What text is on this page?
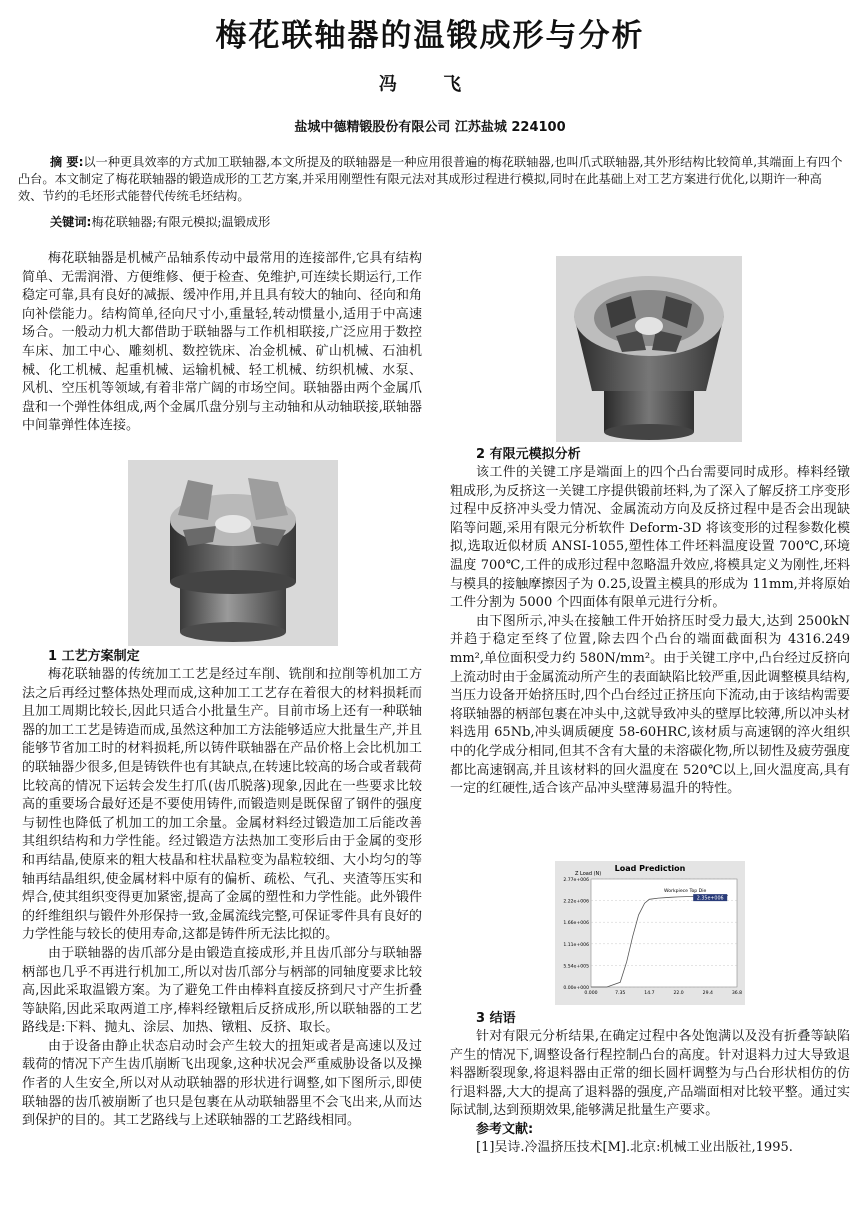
梅花联轴器的温锻成形与分析
冯 飞
盐城中德精锻股份有限公司 江苏盐城 224100
摘 要:以一种更具效率的方式加工联轴器,本文所提及的联轴器是一种应用很普遍的梅花联轴器,也叫爪式联轴器,其外形结构比较简单,其端面上有四个凸台。本文制定了梅花联轴器的锻造成形的工艺方案,并采用刚塑性有限元法对其成形过程进行模拟,同时在此基础上对工艺方案进行优化,以期许一种高效、节约的毛坯形式能替代传统毛坯结构。
关键词:梅花联轴器;有限元模拟;温锻成形

梅花联轴器是机械产品轴系传动中最常用的连接部件,它具有结构简单、无需润滑、方便维修、便于检查、免维护,可连续长期运行,工作稳定可靠,具有良好的减振、缓冲作用,并且具有较大的轴向、径向和角向补偿能力。结构简单,径向尺寸小,重量轻,转动惯量小,适用于中高速场合。一般动力机大都借助于联轴器与工作机相联接,广泛应用于数控车床、加工中心、雕刻机、数控铣床、冶金机械、矿山机械、石油机械、化工机械、起重机械、运输机械、轻工机械、纺织机械、水泵、风机、空压机等领域,有着非常广阔的市场空间。联轴器由两个金属爪盘和一个弹性体组成,两个金属爪盘分别与主动轴和从动轴联接,联轴器中间靠弹性体连接。

1 工艺方案制定

梅花联轴器的传统加工工艺是经过车削、铣削和拉削等机加工方法之后再经过整体热处理而成,这种加工工艺存在着很大的材料损耗而且加工周期比较长,因此只适合小批量生产。目前市场上还有一种联轴器的加工工艺是铸造而成,虽然这种加工方法能够适应大批量生产,并且能够节省加工时的材料损耗,所以铸件联轴器在产品价格上会比机加工的联轴器少很多,但是铸铁件也有其缺点,在转速比较高的场合或者载荷比较高的情况下运转会发生打爪(齿爪脱落)现象,因此在一些要求比较高的重要场合最好还是不要使用铸件,而锻造则是既保留了钢件的强度与韧性也降低了机加工的加工余量。金属材料经过锻造加工后能改善其组织结构和力学性能。经过锻造方法热加工变形后由于金属的变形和再结晶,使原来的粗大枝晶和柱状晶粒变为晶粒较细、大小均匀的等轴再结晶组织,使金属材料中原有的偏析、疏松、气孔、夹渣等压实和焊合,使其组织变得更加紧密,提高了金属的塑性和力学性能。此外锻件的纤维组织与锻件外形保持一致,金属流线完整,可保证零件具有良好的力学性能与较长的使用寿命,这都是铸件所无法比拟的。

由于联轴器的齿爪部分是由锻造直接成形,并且齿爪部分与联轴器柄部也几乎不再进行机加工,所以对齿爪部分与柄部的同轴度要求比较高,因此采取温锻方案。为了避免工件由棒料直接反挤到尺寸产生折叠等缺陷,因此采取两道工序,棒料经镦粗后反挤成形,所以联轴器的工艺路线是:下料、抛丸、涂层、加热、镦粗、反挤、取长。

由于设备由静止状态启动时会产生较大的扭矩或者是高速以及过载荷的情况下产生齿爪崩断飞出现象,这种状况会严重威胁设备以及操作者的人生安全,所以对从动联轴器的形状进行调整,如下图所示,即使联轴器的齿爪被崩断了也只是包裹在从动联轴器里不会飞出来,从而达到保护的目的。其工艺路线与上述联轴器的工艺路线相同。

2 有限元模拟分析

该工件的关键工序是端面上的四个凸台需要同时成形。棒料经镦粗成形,为反挤这一关键工序提供锻前坯料,为了深入了解反挤工序变形过程中反挤冲头受力情况、金属流动方向及反挤过程中是否会出现缺陷等问题,采用有限元分析软件 Deform-3D 将该变形的过程参数化模拟,选取近似材质 ANSI-1055,塑性体工件坯料温度设置 700℃,环境温度 700℃,工件的成形过程中忽略温升效应,将模具定义为刚性,坯料与模具的接触摩擦因子为 0.25,设置主模具的形成为 11mm,并将原始工件分割为 5000 个四面体有限单元进行分析。

由下图所示,冲头在接触工件开始挤压时受力最大,达到 2500kN 并趋于稳定至终了位置,除去四个凸台的端面截面积为 4316.249 mm²,单位面积受力约 580N/mm²。由于关键工序中,凸台经过反挤向上流动时由于金属流动所产生的表面缺陷比较严重,因此调整模具结构,当压力设备开始挤压时,四个凸台经过正挤压向下流动,由于该结构需要将联轴器的柄部包裹在冲头中,这就导致冲头的壁厚比较薄,所以冲头材料选用 65Nb,冲头调质硬度 58-60HRC,该材质与高速钢的淬火组织中的化学成分相同,但其不含有大量的未溶碳化物,所以韧性及疲劳强度都比高速钢高,并且该材料的回火温度在 520℃以上,回火温度高,具有一定的红硬性,适合该产品冲头壁薄易温升的特性。

Load Prediction
Z Load (N)
0.00e+000
5.54e+005
1.11e+006
1.66e+006
2.22e+006
2.77e+006
0.000	7.35	14.7	22.0	29.4	36.8
Workpiece Top Die
2.35e+006
3 结语

针对有限元分析结果,在确定过程中各处饱满以及没有折叠等缺陷产生的情况下,调整设备行程控制凸台的高度。针对退料力过大导致退料器断裂现象,将退料器由正常的细长圆杆调整为与凸台形状相仿的仿行退料器,大大的提高了退料器的强度,产品端面相对比较平整。通过实际试制,达到预期效果,能够满足批量生产要求。

参考文献:
[1]吴诗.冷温挤压技术[M].北京:机械工业出版社,1995.
